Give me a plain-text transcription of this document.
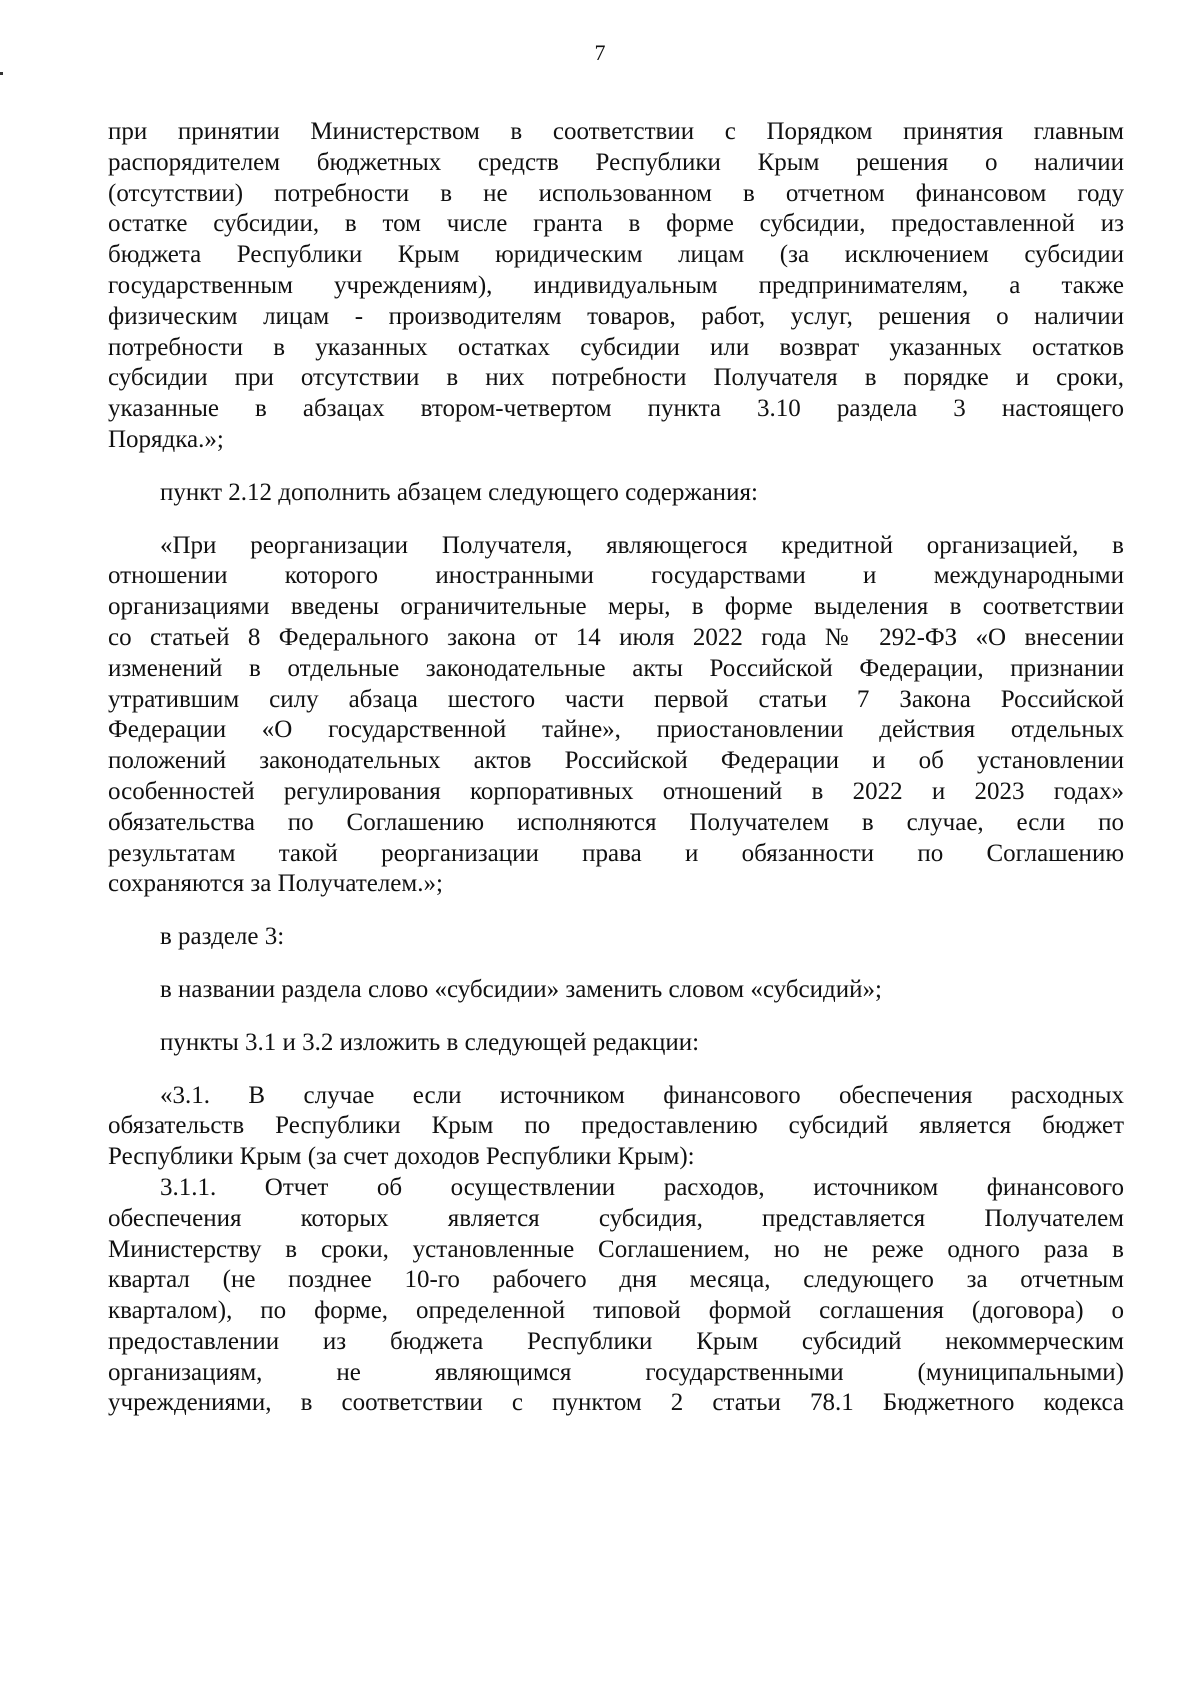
7
при принятии Министерством в соответствии с Порядком принятия главным
распорядителем бюджетных средств Республики Крым решения о наличии
(отсутствии) потребности в не использованном в отчетном финансовом году
остатке субсидии, в том числе гранта в форме субсидии, предоставленной из
бюджета Республики Крым юридическим лицам (за исключением субсидии
государственным учреждениям), индивидуальным предпринимателям, а также
физическим лицам - производителям товаров, работ, услуг, решения о наличии
потребности в указанных остатках субсидии или возврат указанных остатков
субсидии при отсутствии в них потребности Получателя в порядке и сроки,
указанные в абзацах втором-четвертом пункта 3.10 раздела 3 настоящего
Порядка.»;
пункт 2.12 дополнить абзацем следующего содержания:
«При реорганизации Получателя, являющегося кредитной организацией, в
отношении которого иностранными государствами и международными
организациями введены ограничительные меры, в форме выделения в соответствии
со статьей 8 Федерального закона от 14 июля 2022 года № 292-ФЗ «О внесении
изменений в отдельные законодательные акты Российской Федерации, признании
утратившим силу абзаца шестого части первой статьи 7 Закона Российской
Федерации «О государственной тайне», приостановлении действия отдельных
положений законодательных актов Российской Федерации и об установлении
особенностей регулирования корпоративных отношений в 2022 и 2023 годах»
обязательства по Соглашению исполняются Получателем в случае, если по
результатам такой реорганизации права и обязанности по Соглашению
сохраняются за Получателем.»;
в разделе 3:
в названии раздела слово «субсидии» заменить словом «субсидий»;
пункты 3.1 и 3.2 изложить в следующей редакции:
«3.1. В случае если источником финансового обеспечения расходных
обязательств Республики Крым по предоставлению субсидий является бюджет
Республики Крым (за счет доходов Республики Крым):
3.1.1. Отчет об осуществлении расходов, источником финансового
обеспечения которых является субсидия, представляется Получателем
Министерству в сроки, установленные Соглашением, но не реже одного раза в
квартал (не позднее 10-го рабочего дня месяца, следующего за отчетным
кварталом), по форме, определенной типовой формой соглашения (договора) о
предоставлении из бюджета Республики Крым субсидий некоммерческим
организациям, не являющимся государственными (муниципальными)
учреждениями, в соответствии с пунктом 2 статьи 78.1 Бюджетного кодекса
